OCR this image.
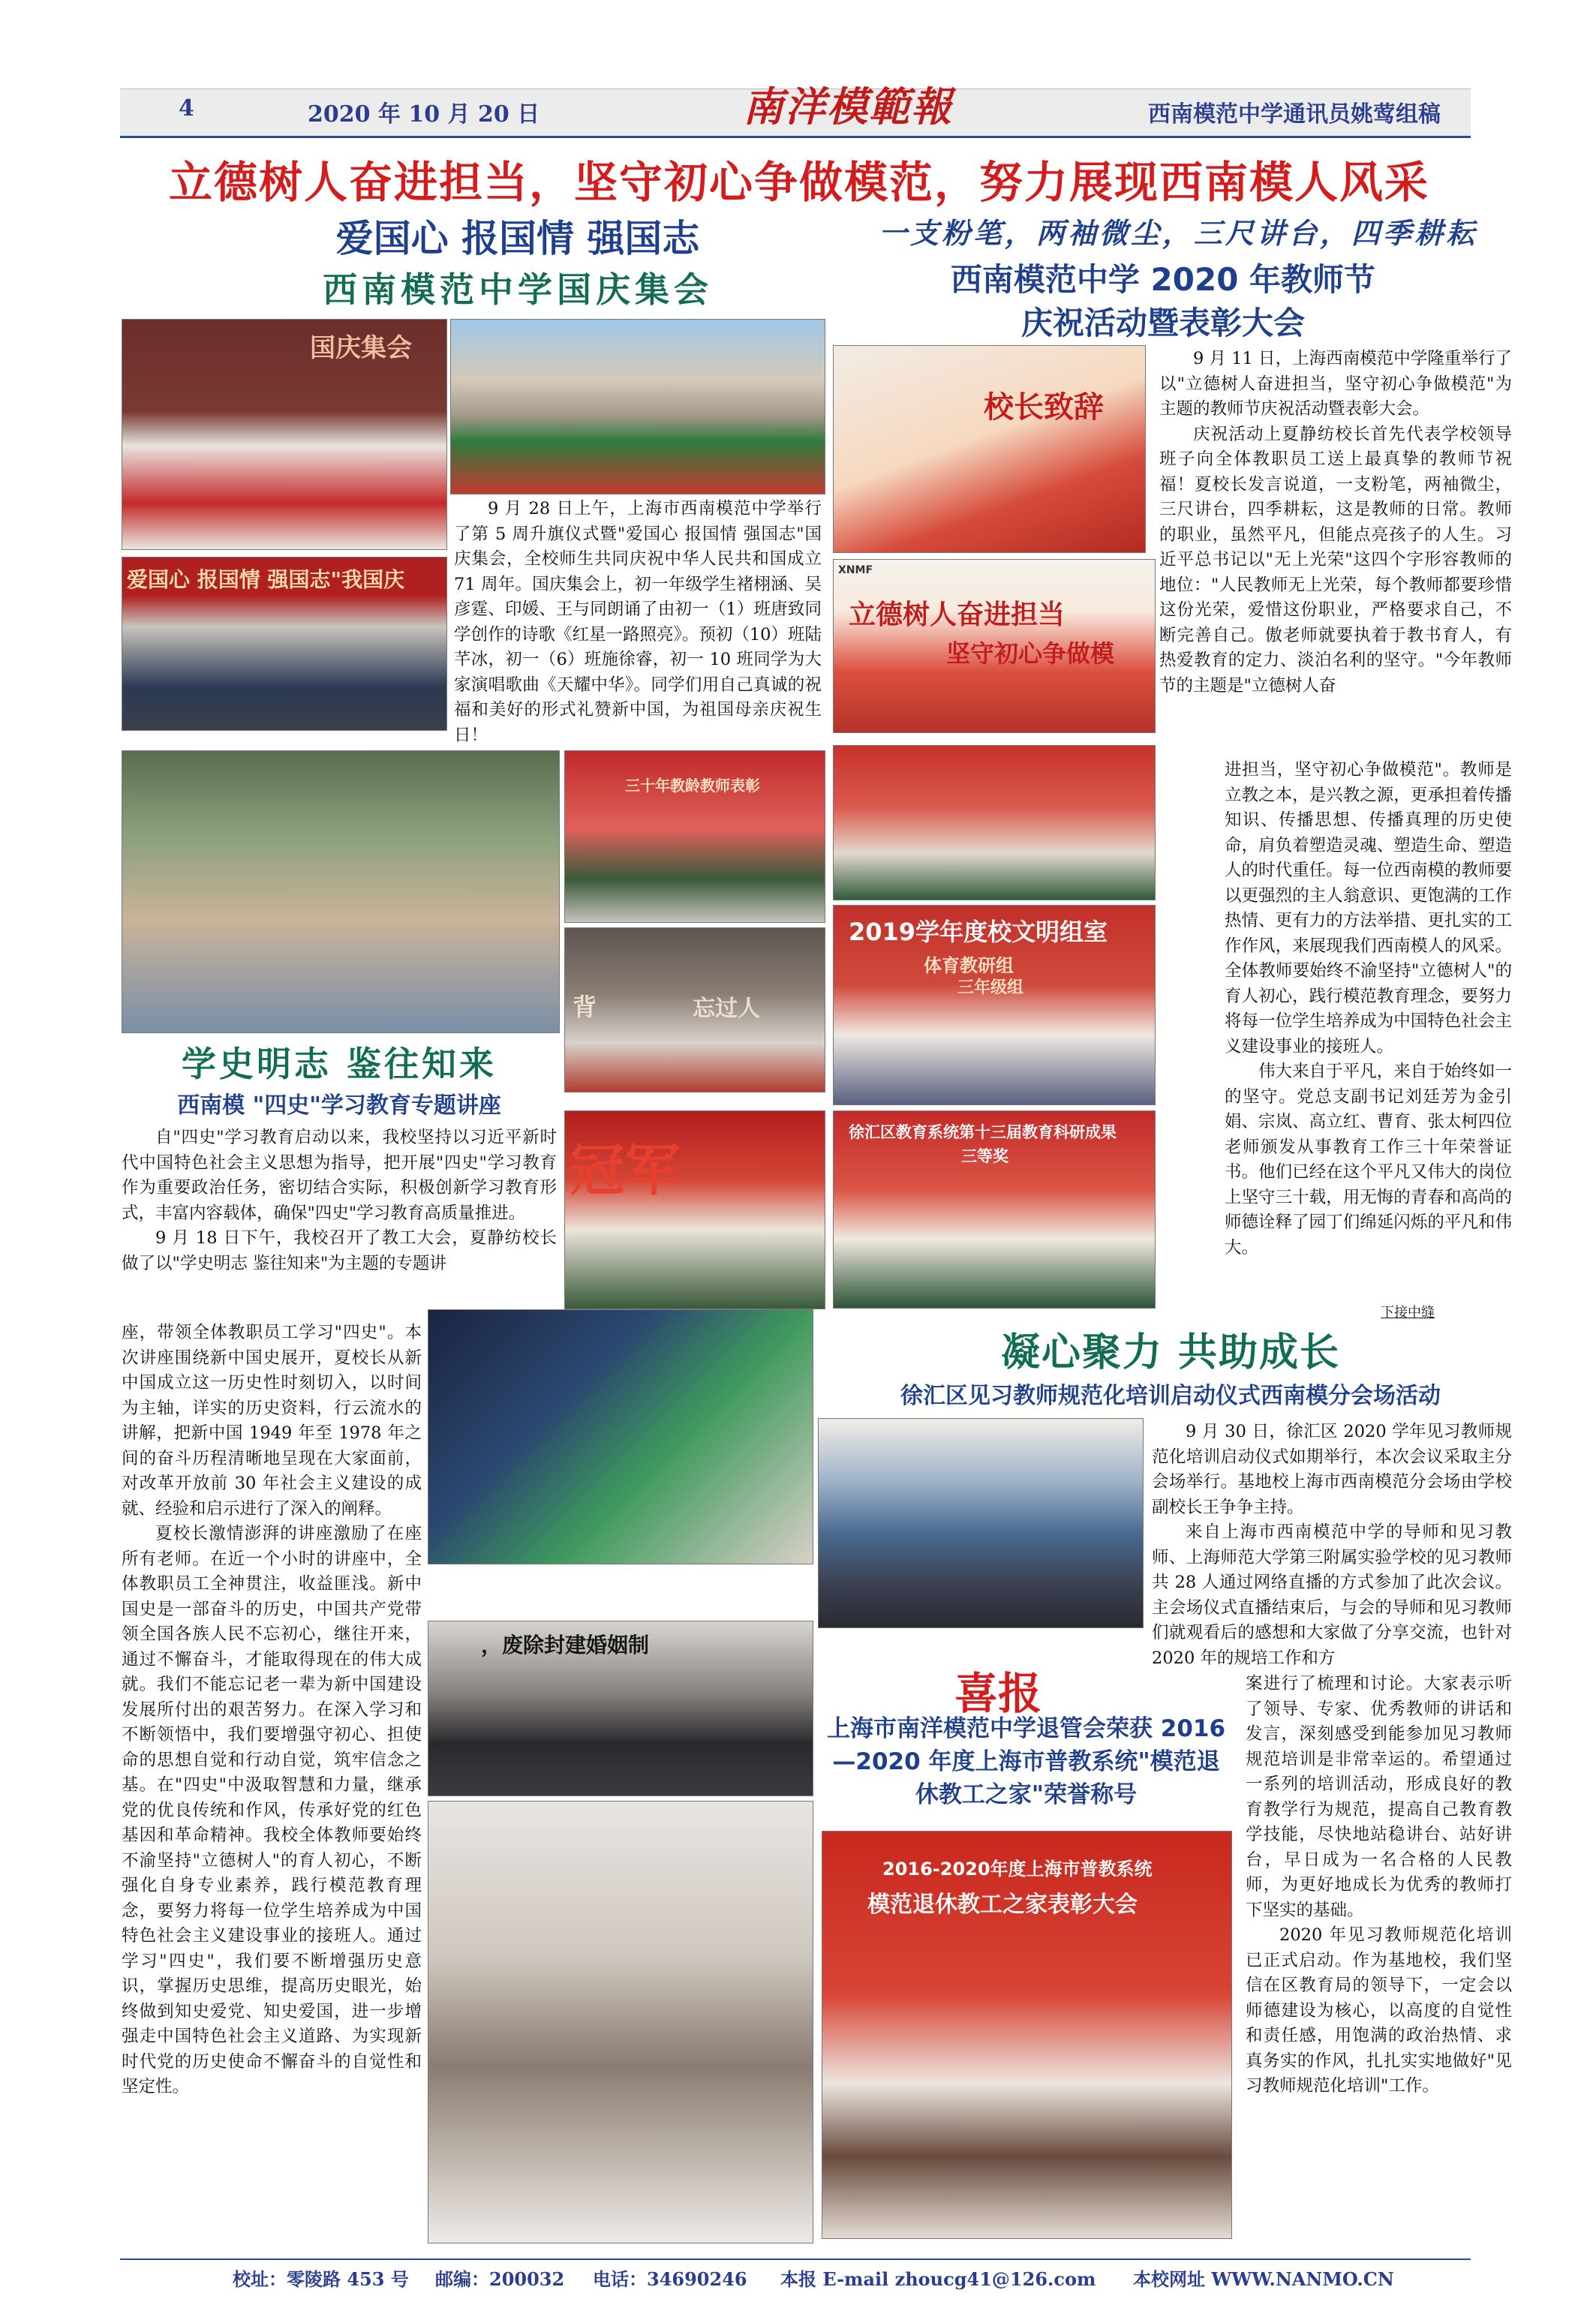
4	2020 年 10 月 20 日	西南模范中学通讯员姚莺组稿
南洋模範報
立德树人奋进担当，坚守初心争做模范，努力展现西南模人风采
爱国心 报国情 强国志
西南模范中学国庆集会
国庆集会
爱国心 报国情 强国志"我国庆

9 月 28 日上午，上海市西南模范中学举行了第 5 周升旗仪式暨"爱国心 报国情 强国志"国庆集会，全校师生共同庆祝中华人民共和国成立 71 周年。国庆集会上，初一年级学生褚栩涵、吴彦霆、印媛、王与同朗诵了由初一（1）班唐致同学创作的诗歌《红星一路照亮》。预初（10）班陆芊冰，初一（6）班施徐睿，初一 10 班同学为大家演唱歌曲《天耀中华》。同学们用自己真诚的祝福和美好的形式礼赞新中国，为祖国母亲庆祝生日！

一支粉笔，两袖微尘，三尺讲台，四季耕耘
西南模范中学 2020 年教师节
庆祝活动暨表彰大会
校长致辞
XNMF
立德树人奋进担当
坚守初心争做模

9 月 11 日，上海西南模范中学隆重举行了以"立德树人奋进担当，坚守初心争做模范"为主题的教师节庆祝活动暨表彰大会。

庆祝活动上夏静纺校长首先代表学校领导班子向全体教职员工送上最真挚的教师节祝福！夏校长发言说道，一支粉笔，两袖微尘，三尺讲台，四季耕耘，这是教师的日常。教师的职业，虽然平凡，但能点亮孩子的人生。习近平总书记以"无上光荣"这四个字形容教师的地位："人民教师无上光荣，每个教师都要珍惜这份光荣，爱惜这份职业，严格要求自己，不断完善自己。傲老师就要执着于教书育人，有热爱教育的定力、淡泊名利的坚守。"今年教师节的主题是"立德树人奋

三十年教龄教师表彰
背	忘过人
2019学年度校文明组室
体育教研组
三年级组

进担当，坚守初心争做模范"。教师是立教之本，是兴教之源，更承担着传播知识、传播思想、传播真理的历史使命，肩负着塑造灵魂、塑造生命、塑造人的时代重任。每一位西南模的教师要以更强烈的主人翁意识、更饱满的工作热情、更有力的方法举措、更扎实的工作作风，来展现我们西南模人的风采。全体教师要始终不渝坚持"立德树人"的育人初心，践行模范教育理念，要努力将每一位学生培养成为中国特色社会主义建设事业的接班人。

伟大来自于平凡，来自于始终如一的坚守。党总支副书记刘廷芳为金引娟、宗岚、高立红、曹育、张太柯四位老师颁发从事教育工作三十年荣誉证书。他们已经在这个平凡又伟大的岗位上坚守三十载，用无悔的青春和高尚的师德诠释了园丁们绵延闪烁的平凡和伟大。

下接中缝
学史明志 鉴往知来
西南模 "四史"学习教育专题讲座

自"四史"学习教育启动以来，我校坚持以习近平新时代中国特色社会主义思想为指导，把开展"四史"学习教育作为重要政治任务，密切结合实际，积极创新学习教育形式，丰富内容载体，确保"四史"学习教育高质量推进。

9 月 18 日下午，我校召开了教工大会，夏静纺校长做了以"学史明志 鉴往知来"为主题的专题讲

冠军
徐汇区教育系统第十三届教育科研成果
三等奖

座，带领全体教职员工学习"四史"。本次讲座围绕新中国史展开，夏校长从新中国成立这一历史性时刻切入，以时间为主轴，详实的历史资料，行云流水的讲解，把新中国 1949 年至 1978 年之间的奋斗历程清晰地呈现在大家面前，对改革开放前 30 年社会主义建设的成就、经验和启示进行了深入的阐释。

夏校长激情澎湃的讲座激励了在座所有老师。在近一个小时的讲座中，全体教职员工全神贯注，收益匪浅。新中国史是一部奋斗的历史，中国共产党带领全国各族人民不忘初心，继往开来，通过不懈奋斗，才能取得现在的伟大成就。我们不能忘记老一辈为新中国建设发展所付出的艰苦努力。在深入学习和不断领悟中，我们要增强守初心、担使命的思想自觉和行动自觉，筑牢信念之基。在"四史"中汲取智慧和力量，继承党的优良传统和作风，传承好党的红色基因和革命精神。我校全体教师要始终不渝坚持"立德树人"的育人初心，不断强化自身专业素养，践行模范教育理念，要努力将每一位学生培养成为中国特色社会主义建设事业的接班人。通过学习"四史"，我们要不断增强历史意识，掌握历史思维，提高历史眼光，始终做到知史爱党、知史爱国，进一步增强走中国特色社会主义道路、为实现新时代党的历史使命不懈奋斗的自觉性和坚定性。

，废除封建婚姻制
凝心聚力 共助成长
徐汇区见习教师规范化培训启动仪式西南模分会场活动

9 月 30 日，徐汇区 2020 学年见习教师规范化培训启动仪式如期举行，本次会议采取主分会场举行。基地校上海市西南模范分会场由学校副校长王争争主持。

来自上海市西南模范中学的导师和见习教师、上海师范大学第三附属实验学校的见习教师共 28 人通过网络直播的方式参加了此次会议。主会场仪式直播结束后，与会的导师和见习教师们就观看后的感想和大家做了分享交流，也针对 2020 年的规培工作和方

喜报
上海市南洋模范中学退管会荣获 2016—2020 年度上海市普教系统"模范退休教工之家"荣誉称号
2016-2020年度上海市普教系统
模范退休教工之家表彰大会

案进行了梳理和讨论。大家表示听了领导、专家、优秀教师的讲话和发言，深刻感受到能参加见习教师规范培训是非常幸运的。希望通过一系列的培训活动，形成良好的教育教学行为规范，提高自己教育教学技能，尽快地站稳讲台、站好讲台，早日成为一名合格的人民教师，为更好地成长为优秀的教师打下坚实的基础。

2020 年见习教师规范化培训已正式启动。作为基地校，我们坚信在区教育局的领导下，一定会以师德建设为核心，以高度的自觉性和责任感，用饱满的政治热情、求真务实的作风，扎扎实实地做好"见习教师规范化培训"工作。

校址：零陵路 453 号 邮编：200032 电话：34690246 本报 E-mail zhoucg41@126.com 本校网址 WWW.NANMO.CN
